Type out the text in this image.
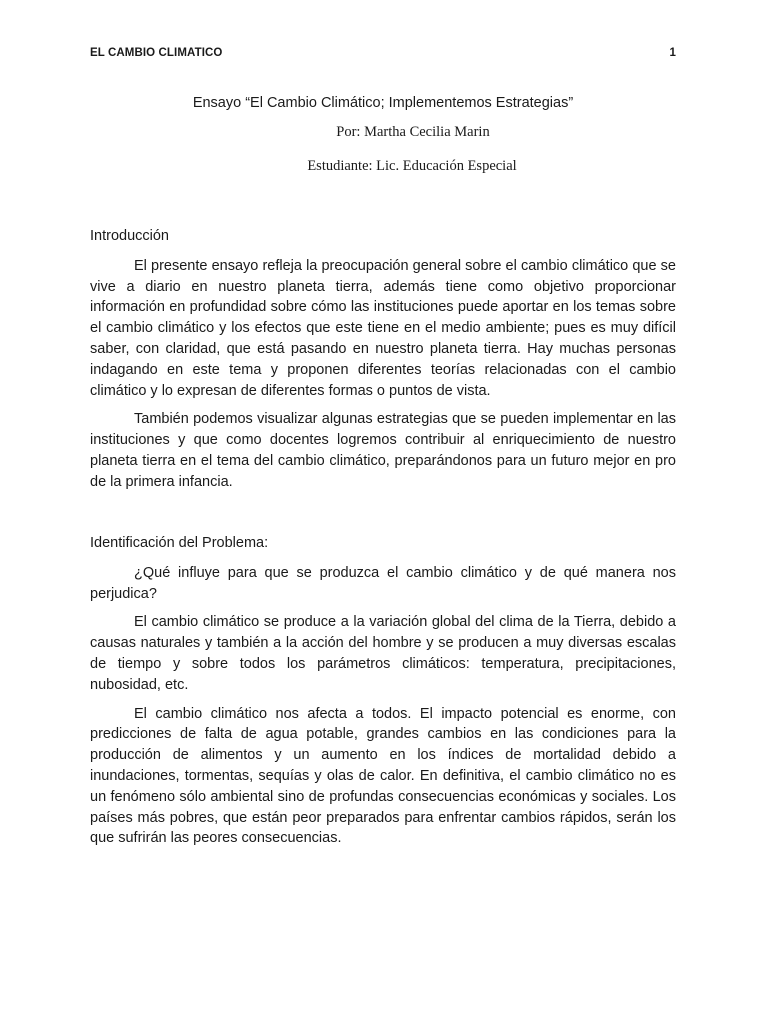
EL CAMBIO CLIMATICO	1

Ensayo “El Cambio Climático; Implementemos Estrategias”

Por: Martha Cecilia Marin

Estudiante: Lic. Educación Especial

Introducción

El presente ensayo refleja la preocupación general sobre el cambio climático que se vive a diario en nuestro planeta tierra, además tiene como objetivo proporcionar información en profundidad sobre cómo las instituciones puede aportar en los temas sobre el cambio climático y los efectos que este tiene en el medio ambiente; pues es muy difícil saber, con claridad, que está pasando en nuestro planeta tierra. Hay muchas personas indagando en este tema y proponen diferentes teorías relacionadas con el cambio climático y lo expresan de diferentes formas o puntos de vista.

También podemos visualizar algunas estrategias que se pueden implementar en las instituciones y que como docentes logremos contribuir al enriquecimiento de nuestro planeta tierra en el tema del cambio climático, preparándonos para un futuro mejor en pro de la primera infancia.

Identificación del Problema:

¿Qué influye para que se produzca el cambio climático y de qué manera nos perjudica?

El cambio climático se produce a la variación global del clima de la Tierra, debido a causas naturales y también a la acción del hombre y se producen a muy diversas escalas de tiempo y sobre todos los parámetros climáticos: temperatura, precipitaciones, nubosidad, etc.

El cambio climático nos afecta a todos. El impacto potencial es enorme, con predicciones de falta de agua potable, grandes cambios en las condiciones para la producción de alimentos y un aumento en los índices de mortalidad debido a inundaciones, tormentas, sequías y olas de calor. En definitiva, el cambio climático no es un fenómeno sólo ambiental sino de profundas consecuencias económicas y sociales. Los países más pobres, que están peor preparados para enfrentar cambios rápidos, serán los que sufrirán las peores consecuencias.
